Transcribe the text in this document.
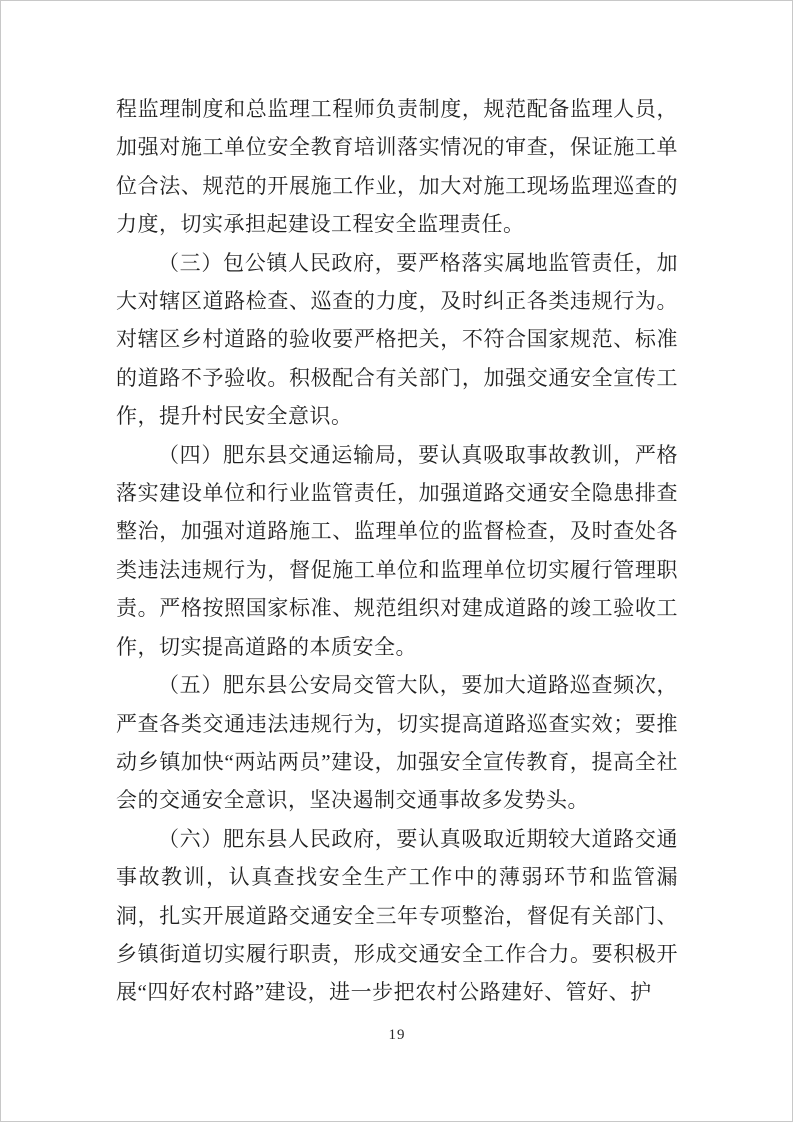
程监理制度和总监理工程师负责制度，规范配备监理人员，加强对施工单位安全教育培训落实情况的审查，保证施工单位合法、规范的开展施工作业，加大对施工现场监理巡查的力度，切实承担起建设工程安全监理责任。

（三）包公镇人民政府，要严格落实属地监管责任，加大对辖区道路检查、巡查的力度，及时纠正各类违规行为。对辖区乡村道路的验收要严格把关，不符合国家规范、标准的道路不予验收。积极配合有关部门，加强交通安全宣传工作，提升村民安全意识。

（四）肥东县交通运输局，要认真吸取事故教训，严格落实建设单位和行业监管责任，加强道路交通安全隐患排查整治，加强对道路施工、监理单位的监督检查，及时查处各类违法违规行为，督促施工单位和监理单位切实履行管理职责。严格按照国家标准、规范组织对建成道路的竣工验收工作，切实提高道路的本质安全。

（五）肥东县公安局交管大队，要加大道路巡查频次，严查各类交通违法违规行为，切实提高道路巡查实效；要推动乡镇加快“两站两员”建设，加强安全宣传教育，提高全社会的交通安全意识，坚决遏制交通事故多发势头。

（六）肥东县人民政府，要认真吸取近期较大道路交通事故教训，认真查找安全生产工作中的薄弱环节和监管漏洞，扎实开展道路交通安全三年专项整治，督促有关部门、乡镇街道切实履行职责，形成交通安全工作合力。要积极开展“四好农村路”建设，进一步把农村公路建好、管好、护

19
